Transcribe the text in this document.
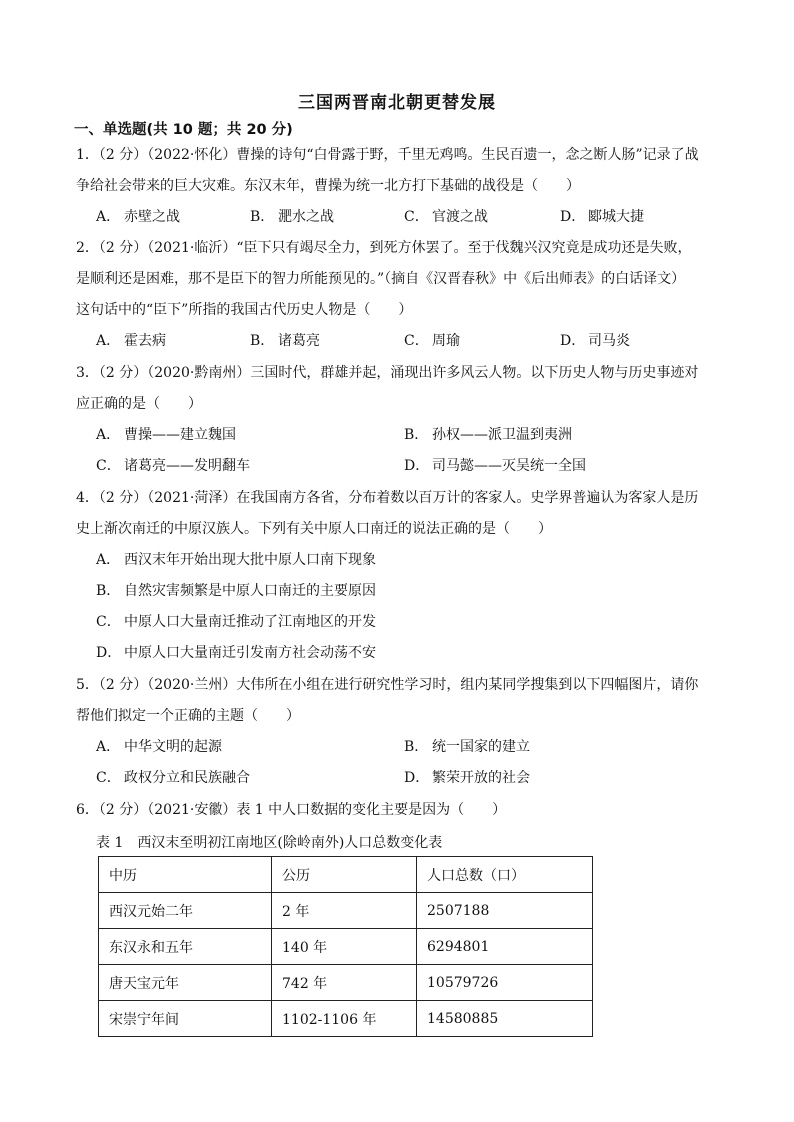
三国两晋南北朝更替发展
一、单选题(共 10 题；共 20 分)
1．（2 分）（2022·怀化）曹操的诗句“白骨露于野，千里无鸡鸣。生民百遗一，念之断人肠”记录了战
争给社会带来的巨大灾难。东汉末年，曹操为统一北方打下基础的战役是（　　）
A． 赤壁之战	B． 淝水之战	C． 官渡之战	D． 郾城大捷
2．（2 分）（2021·临沂）“臣下只有竭尽全力，到死方休罢了。至于伐魏兴汉究竟是成功还是失败，
是顺利还是困难，那不是臣下的智力所能预见的。”（摘自《汉晋春秋》中《后出师表》的白话译文）
这句话中的“臣下”所指的我国古代历史人物是（　　）
A． 霍去病	B． 诸葛亮	C． 周瑜	D． 司马炎
3．（2 分）（2020·黔南州）三国时代，群雄并起，涌现出许多风云人物。以下历史人物与历史事迹对
应正确的是（　　）
A． 曹操——建立魏国	B． 孙权——派卫温到夷洲
C． 诸葛亮——发明翻车	D． 司马懿——灭吴统一全国
4．（2 分）（2021·菏泽）在我国南方各省，分布着数以百万计的客家人。史学界普遍认为客家人是历
史上渐次南迁的中原汉族人。下列有关中原人口南迁的说法正确的是（　　）
A． 西汉末年开始出现大批中原人口南下现象
B． 自然灾害频繁是中原人口南迁的主要原因
C． 中原人口大量南迁推动了江南地区的开发
D． 中原人口大量南迁引发南方社会动荡不安
5．（2 分）（2020·兰州）大伟所在小组在进行研究性学习时，组内某同学搜集到以下四幅图片，请你
帮他们拟定一个正确的主题（　　）
A． 中华文明的起源	B． 统一国家的建立
C． 政权分立和民族融合	D． 繁荣开放的社会
6．（2 分）（2021·安徽）表 1 中人口数据的变化主要是因为（　　）
表 1　西汉末至明初江南地区(除岭南外)人口总数变化表
中历	公历	人口总数（口）
西汉元始二年	2 年	2507188
东汉永和五年	140 年	6294801
唐天宝元年	742 年	10579726
宋崇宁年间	1102-1106 年	14580885
